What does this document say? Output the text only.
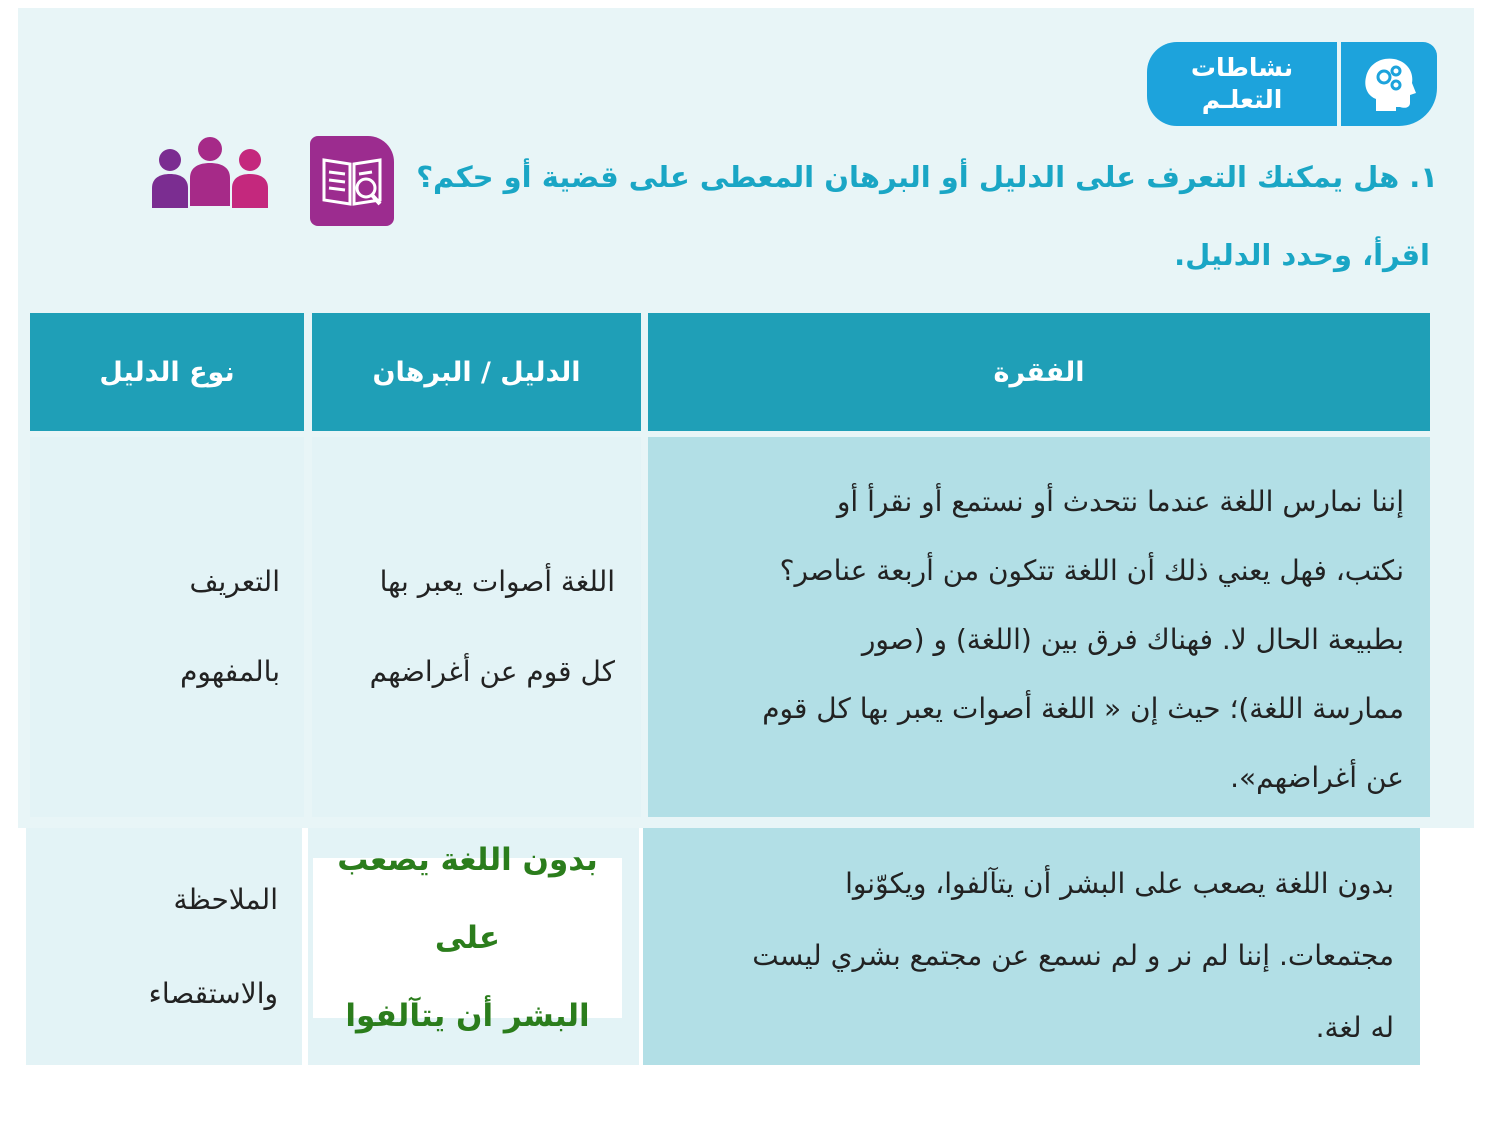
نشاطات
التعلـم
١. هل يمكنك التعرف على الدليل أو البرهان المعطى على قضية أو حكم؟
اقرأ، وحدد الدليل.
الفقرة
الدليل / البرهان
نوع الدليل
إننا نمارس اللغة عندما نتحدث أو نستمع أو نقرأ أو
نكتب، فهل يعني ذلك أن اللغة تتكون من أربعة عناصر؟
بطبيعة الحال لا. فهناك فرق بين (اللغة) و (صور
ممارسة اللغة)؛ حيث إن « اللغة أصوات يعبر بها كل قوم
عن أغراضهم».
اللغة أصوات يعبر بها
كل قوم عن أغراضهم
التعريف
بالمفهوم
بدون اللغة يصعب على البشر أن يتآلفوا، ويكوّنوا
مجتمعات. إننا لم نر و لم نسمع عن مجتمع بشري ليست
له لغة.
بدون اللغة يصعب على
البشر أن يتآلفوا
الملاحظة
والاستقصاء
